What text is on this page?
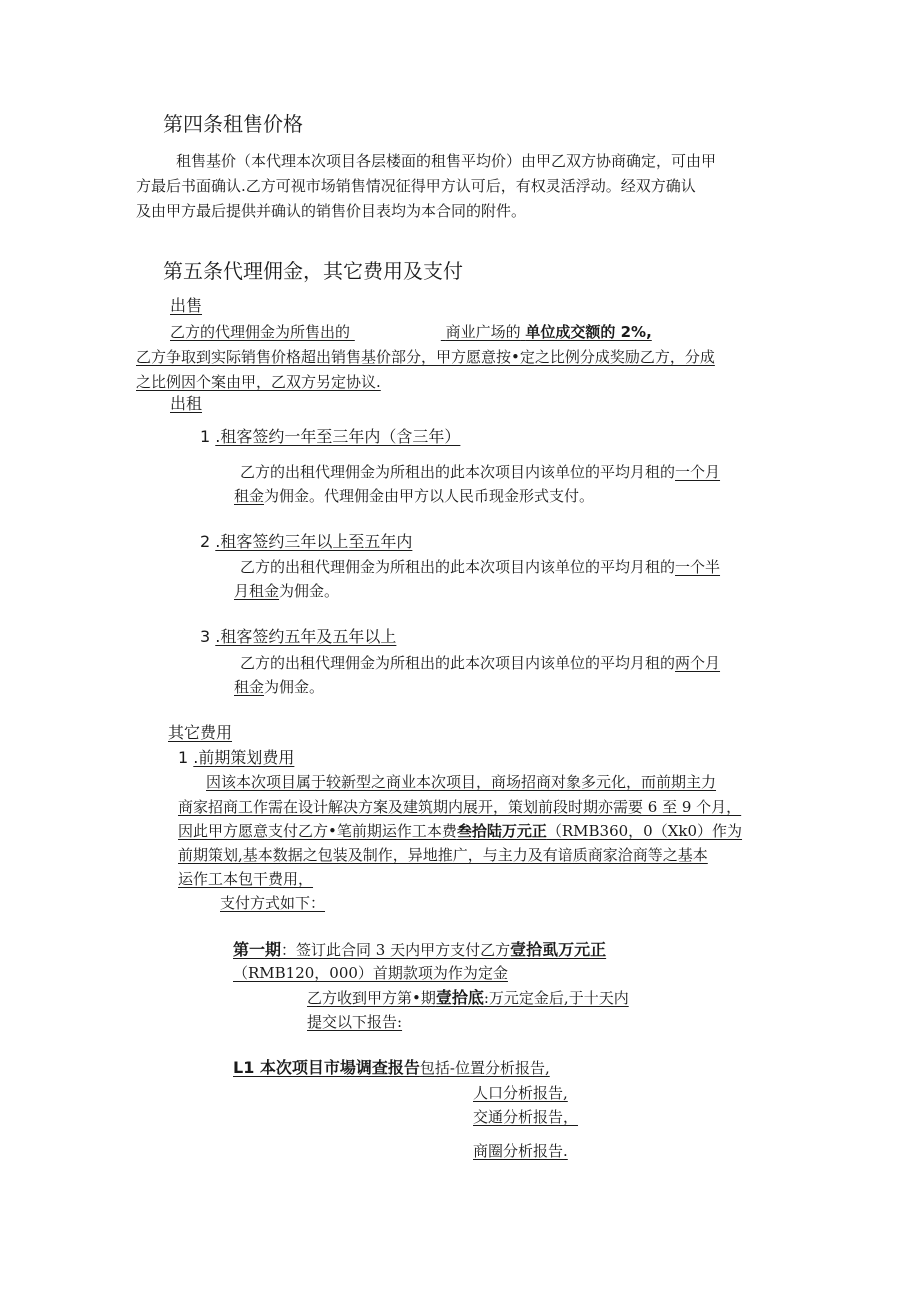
第四条租售价格
租售基价（本代理本次项目各层楼面的租售平均价）由甲乙双方协商确定，可由甲
方最后书面确认.乙方可视市场销售情况征得甲方认可后，有权灵活浮动。经双方确认
及由甲方最后提供并确认的销售价目表均为本合同的附件。
第五条代理佣金，其它费用及支付
出售
乙方的代理佣金为所售出的	商业广场的 单位成交额的 2%,
乙方争取到实际销售价格超出销售基价部分，甲方愿意按•定之比例分成奖励乙方，分成
之比例因个案由甲，乙双方另定协议.
出租
1 .租客签约一年至三年内（含三年）
乙方的出租代理佣金为所租出的此本次项目内该单位的平均月租的一个月
租金为佣金。代理佣金由甲方以人民币现金形式支付。
2 .租客签约三年以上至五年内
乙方的出租代理佣金为所租出的此本次项目内该单位的平均月租的一个半
月租金为佣金。
3 .租客签约五年及五年以上
乙方的出租代理佣金为所租出的此本次项目内该单位的平均月租的两个月
租金为佣金。
其它费用
1 .前期策划费用
因该本次项目属于较新型之商业本次项目，商场招商对象多元化，而前期主力
商家招商工作需在设计解决方案及建筑期内展开，策划前段时期亦需要 6 至 9 个月，
因此甲方愿意支付乙方•笔前期运作工本费叁拾陆万元正（RMB360，0（Xk0）作为
前期策划,基本数据之包装及制作，异地推广，与主力及有谙质商家洽商等之基本
运作工本包干费用，
支付方式如下：
第一期：签订此合同 3 天内甲方支付乙方壹拾虱万元正
（RMB120，000）首期款项为作为定金
乙方收到甲方第•期壹拾底:万元定金后,于十天内
提交以下报告:
L1 本次项目市場调查报告包括-位置分析报告,
人口分析报告,
交通分析报告，
商圈分析报告.
